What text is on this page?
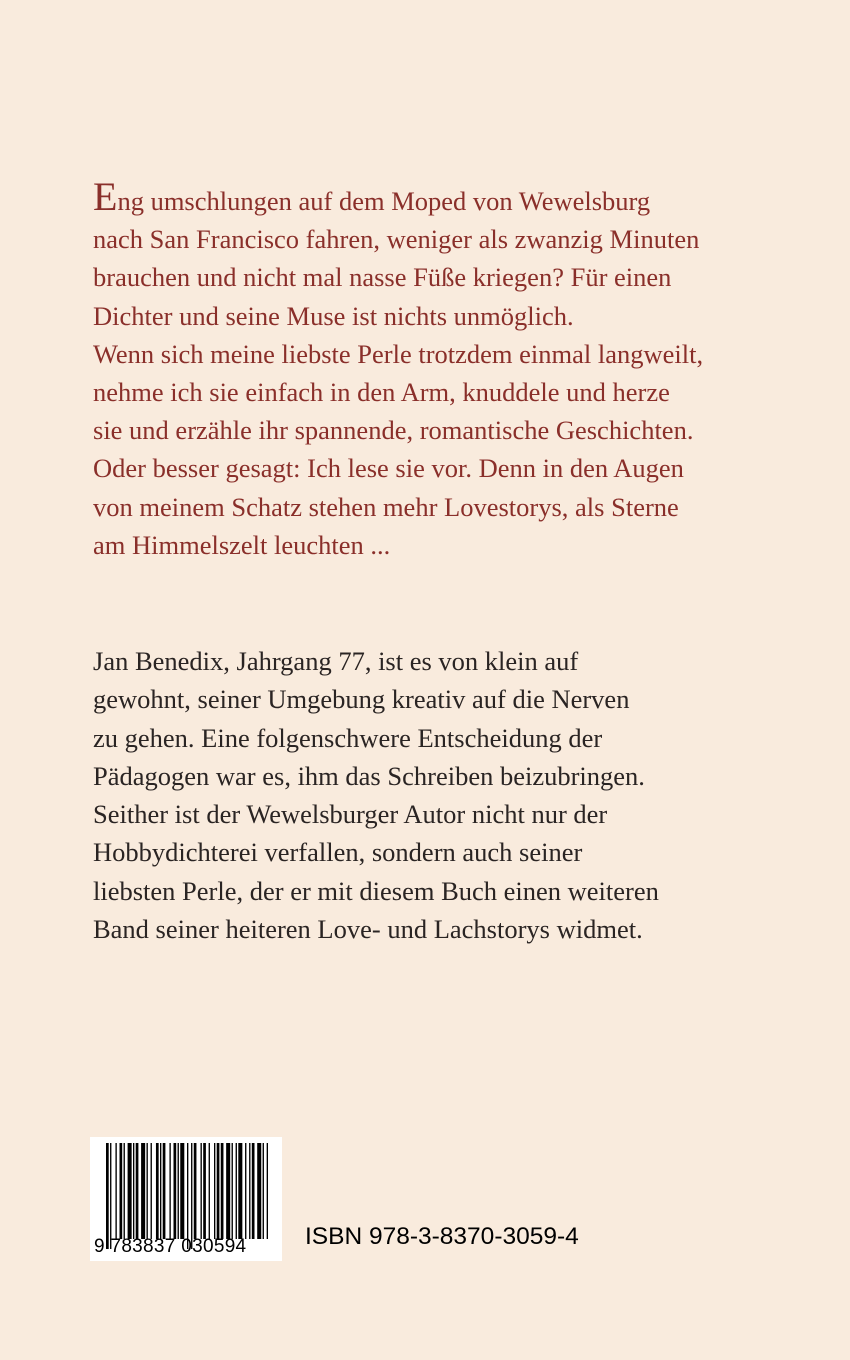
Eng umschlungen auf dem Moped von Wewelsburg
nach San Francisco fahren, weniger als zwanzig Minuten
brauchen und nicht mal nasse Füße kriegen? Für einen
Dichter und seine Muse ist nichts unmöglich.
Wenn sich meine liebste Perle trotzdem einmal langweilt,
nehme ich sie einfach in den Arm, knuddele und herze
sie und erzähle ihr spannende, romantische Geschichten.
Oder besser gesagt: Ich lese sie vor. Denn in den Augen
von meinem Schatz stehen mehr Lovestorys, als Sterne
am Himmelszelt leuchten ...
Jan Benedix, Jahrgang 77, ist es von klein auf
gewohnt, seiner Umgebung kreativ auf die Nerven
zu gehen. Eine folgenschwere Entscheidung der
Pädagogen war es, ihm das Schreiben beizubringen.
Seither ist der Wewelsburger Autor nicht nur der
Hobbydichterei verfallen, sondern auch seiner
liebsten Perle, der er mit diesem Buch einen weiteren
Band seiner heiteren Love- und Lachstorys widmet.
9 783837 030594 ISBN 978-3-8370-3059-4
